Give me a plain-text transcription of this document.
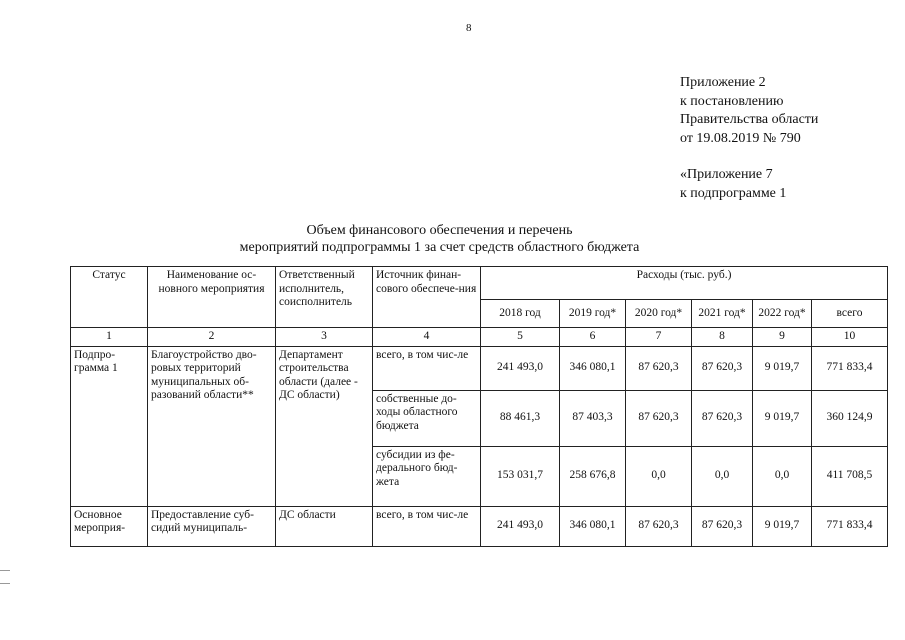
8
Приложение 2
к постановлению
Правительства области
от 19.08.2019 № 790
«Приложение 7
к подпрограмме 1
Объем финансового обеспечения и перечень
мероприятий подпрограммы 1 за счет средств областного бюджета
Статус	Наименование ос-новного мероприятия	Ответственный исполнитель, соисполнитель	Источник финан-сового обеспече-ния	Расходы (тыс. руб.)					
				2018 год	2019 год*	2020 год*	2021 год*	2022 год*	всего
1	2	3	4	5	6	7	8	9	10
Подпро-грамма 1	Благоустройство дво-ровых территорий муниципальных об-разований области**	Департамент строительства области (далее - ДС области)	всего, в том чис-ле	241 493,0	346 080,1	87 620,3	87 620,3	9 019,7	771 833,4
			собственные до-ходы областного бюджета	88 461,3	87 403,3	87 620,3	87 620,3	9 019,7	360 124,9
			субсидии из фе-дерального бюд-жета	153 031,7	258 676,8	0,0	0,0	0,0	411 708,5
Основное мероприя-	Предоставление суб-сидий муниципаль-	ДС области	всего, в том чис-ле	241 493,0	346 080,1	87 620,3	87 620,3	9 019,7	771 833,4
